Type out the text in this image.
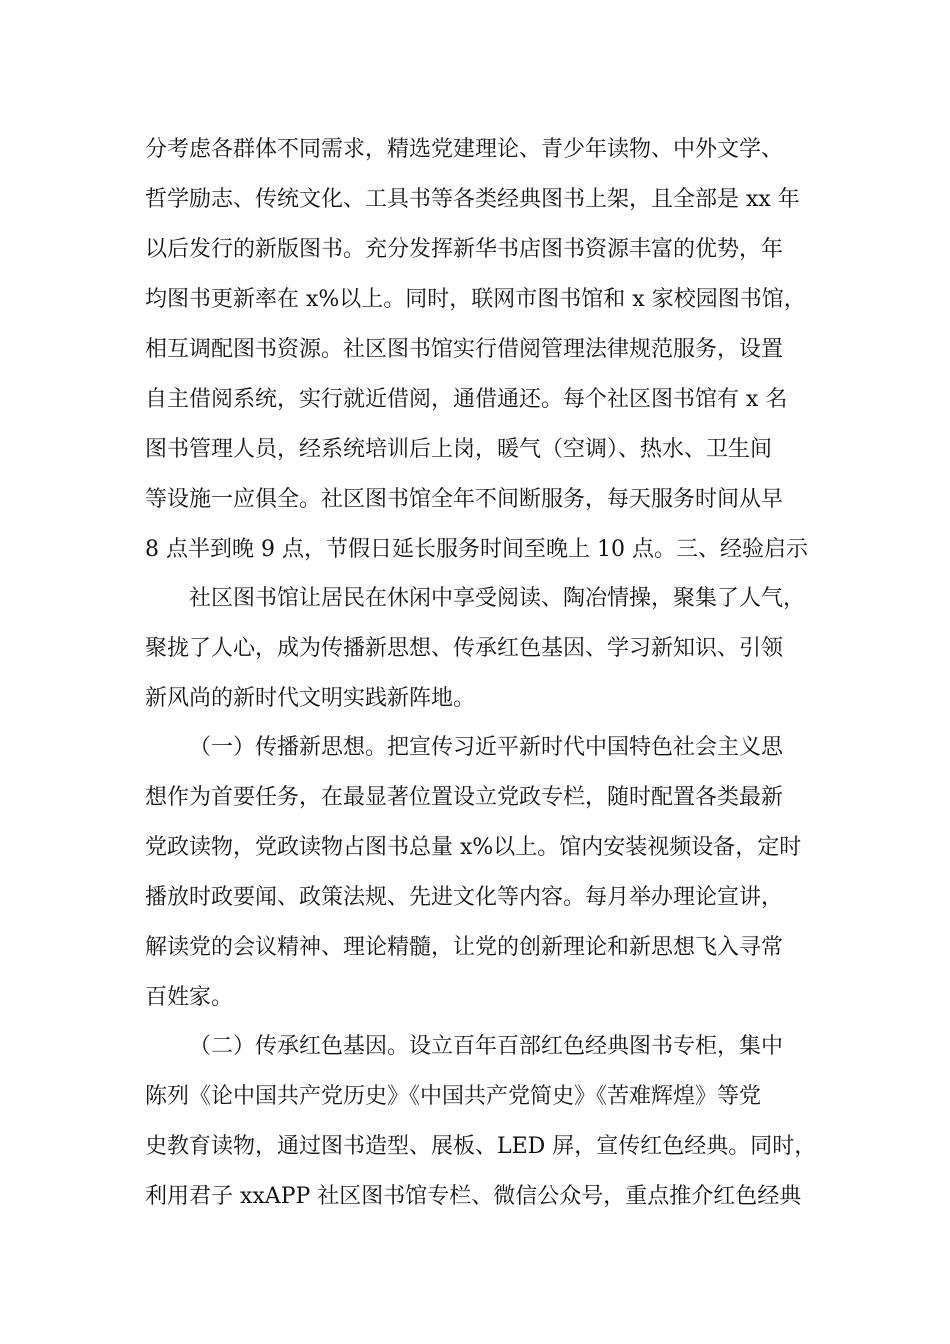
分考虑各群体不同需求，精选党建理论、青少年读物、中外文学、
哲学励志、传统文化、工具书等各类经典图书上架，且全部是 xx 年
以后发行的新版图书。充分发挥新华书店图书资源丰富的优势，年
均图书更新率在 x%以上。同时，联网市图书馆和 x 家校园图书馆，
相互调配图书资源。社区图书馆实行借阅管理法律规范服务，设置
自主借阅系统，实行就近借阅，通借通还。每个社区图书馆有 x 名
图书管理人员，经系统培训后上岗，暖气（空调）、热水、卫生间
等设施一应俱全。社区图书馆全年不间断服务，每天服务时间从早
8 点半到晚 9 点，节假日延长服务时间至晚上 10 点。三、经验启示
社区图书馆让居民在休闲中享受阅读、陶冶情操，聚集了人气，
聚拢了人心，成为传播新思想、传承红色基因、学习新知识、引领
新风尚的新时代文明实践新阵地。
（一）传播新思想。把宣传习近平新时代中国特色社会主义思
想作为首要任务，在最显著位置设立党政专栏，随时配置各类最新
党政读物，党政读物占图书总量 x%以上。馆内安装视频设备，定时
播放时政要闻、政策法规、先进文化等内容。每月举办理论宣讲，
解读党的会议精神、理论精髓，让党的创新理论和新思想飞入寻常
百姓家。
（二）传承红色基因。设立百年百部红色经典图书专柜，集中
陈列《论中国共产党历史》《中国共产党简史》《苦难辉煌》等党
史教育读物，通过图书造型、展板、LED 屏，宣传红色经典。同时，
利用君子 xxAPP 社区图书馆专栏、微信公众号，重点推介红色经典
